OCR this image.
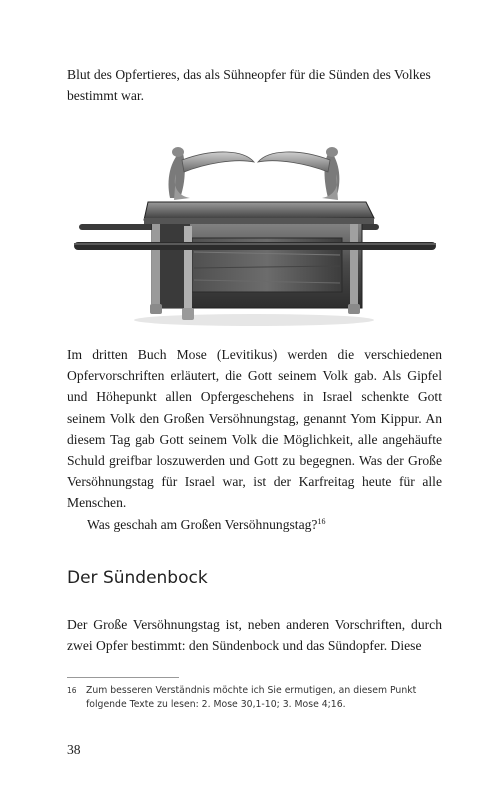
Blut des Opfertieres, das als Sühneopfer für die Sünden des Volkes bestimmt war.

Im dritten Buch Mose (Levitikus) werden die verschiedenen Opfervorschriften erläutert, die Gott seinem Volk gab. Als Gipfel und Höhepunkt allen Opfergeschehens in Israel schenkte Gott seinem Volk den Großen Versöhnungstag, genannt Yom Kippur. An diesem Tag gab Gott seinem Volk die Möglichkeit, alle angehäufte Schuld greifbar loszuwerden und Gott zu begegnen. Was der Große Versöhnungstag für Israel war, ist der Karfreitag heute für alle Menschen.

Was geschah am Großen Versöhnungstag?$^{16}$

Der Sündenbock

Der Große Versöhnungstag ist, neben anderen Vorschriften, durch zwei Opfer bestimmt: den Sündenbock und das Sündopfer. Diese

16	Zum besseren Verständnis möchte ich Sie ermutigen, an diesem Punkt folgende Texte zu lesen: 2. Mose 30,1-10; 3. Mose 4;16.
38
